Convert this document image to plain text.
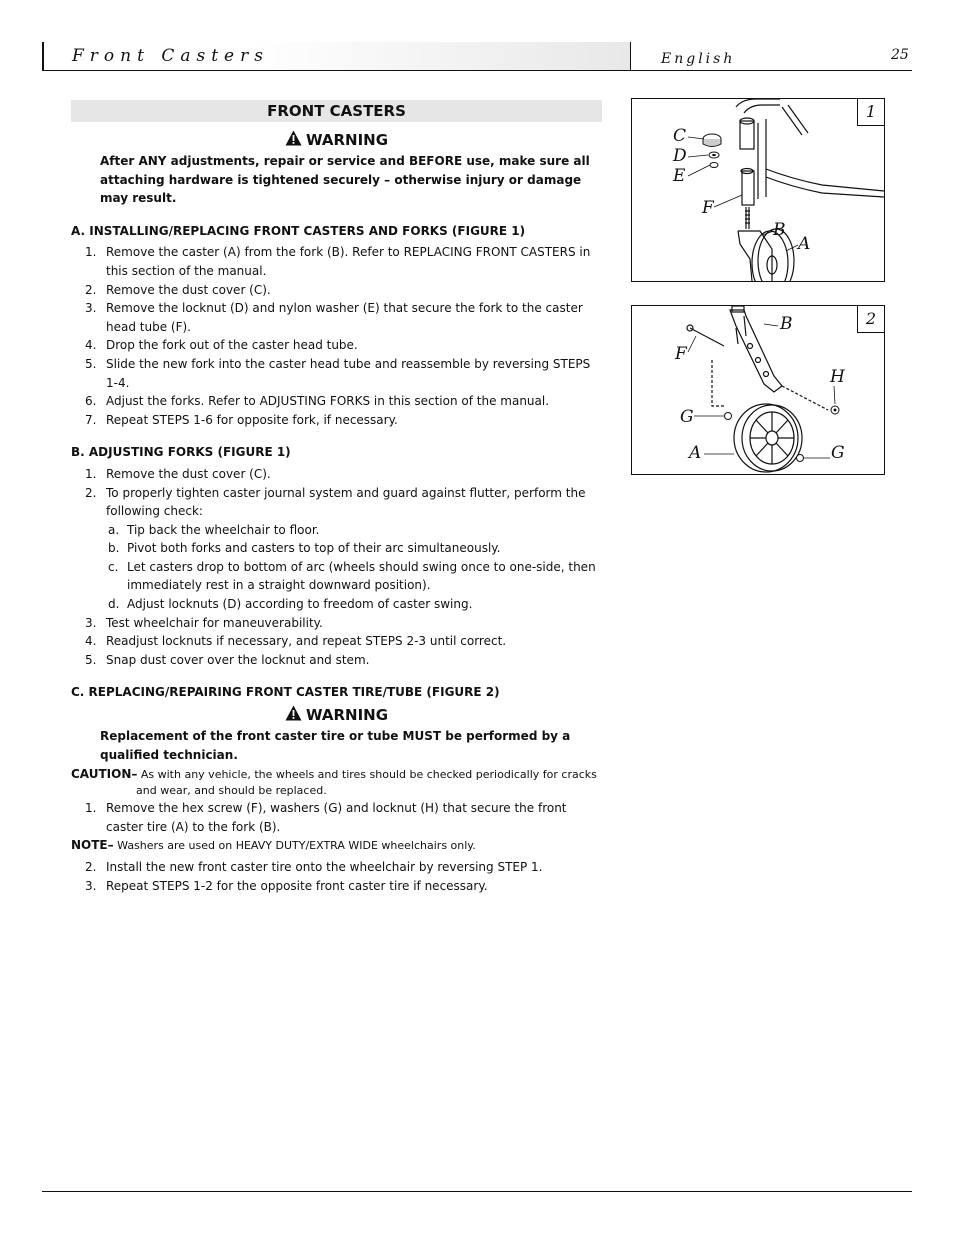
Front Casters	English	25
FRONT CASTERS
WARNING
After ANY adjustments, repair or service and BEFORE use, make sure all attaching hardware is tightened securely – otherwise injury or damage may result.
A. INSTALLING/REPLACING FRONT CASTERS AND FORKS (FIGURE 1)
1. Remove the caster (A) from the fork (B). Refer to REPLACING FRONT CASTERS in this section of the manual.
2. Remove the dust cover (C).
3. Remove the locknut (D) and nylon washer (E) that secure the fork to the caster head tube (F).
4. Drop the fork out of the caster head tube.
5. Slide the new fork into the caster head tube and reassemble by reversing STEPS 1-4.
6. Adjust the forks. Refer to ADJUSTING FORKS in this section of the manual.
7. Repeat STEPS 1-6 for opposite fork, if necessary.
B. ADJUSTING FORKS (FIGURE 1)
1. Remove the dust cover (C).
2. To properly tighten caster journal system and guard against flutter, perform the following check:
a. Tip back the wheelchair to floor.
b. Pivot both forks and casters to top of their arc simultaneously.
c. Let casters drop to bottom of arc (wheels should swing once to one-side, then immediately rest in a straight downward position).
d. Adjust locknuts (D) according to freedom of caster swing.
3. Test wheelchair for maneuverability.
4. Readjust locknuts if necessary, and repeat STEPS 2-3 until correct.
5. Snap dust cover over the locknut and stem.
C. REPLACING/REPAIRING FRONT CASTER TIRE/TUBE (FIGURE 2)
WARNING
Replacement of the front caster tire or tube MUST be performed by a qualified technician.
CAUTION– As with any vehicle, the wheels and tires should be checked periodically for cracks and wear, and should be replaced.
1. Remove the hex screw (F), washers (G) and locknut (H) that secure the front caster tire (A) to the fork (B).
NOTE– Washers are used on HEAVY DUTY/EXTRA WIDE wheelchairs only.
2. Install the new front caster tire onto the wheelchair by reversing STEP 1.
3. Repeat STEPS 1-2 for the opposite front caster tire if necessary.
1
C
D
E
F
B
A
2
B
F
H
G
A	G
